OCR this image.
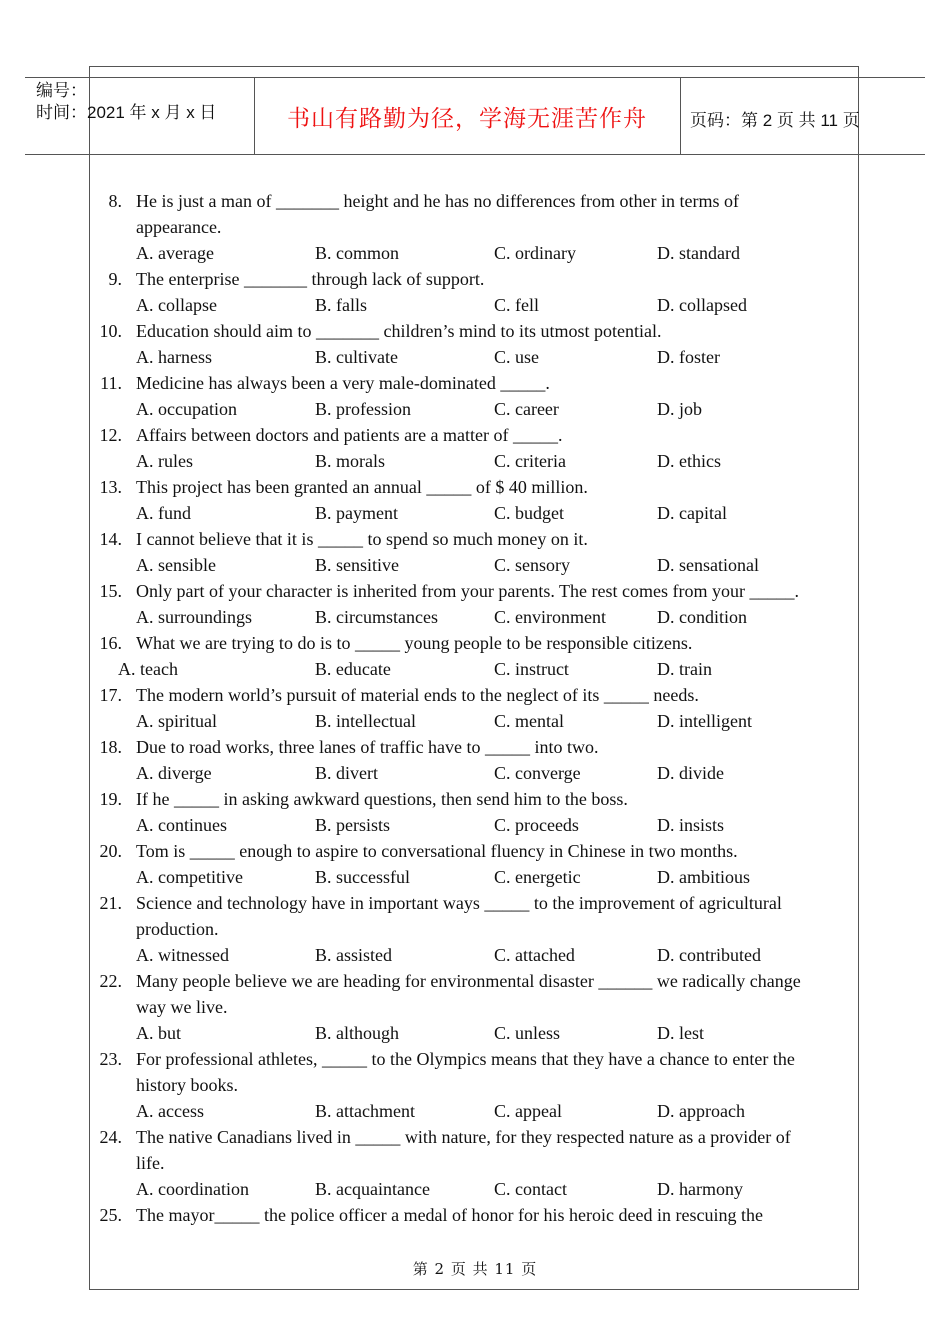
编号：
时间：2021 年 x 月 x 日	书山有路勤为径，学海无涯苦作舟	页码：第 2 页 共 11 页
8. He is just a man of _______ height and he has no differences from other in terms of
appearance.
A. average	B. common	C. ordinary	D. standard
9. The enterprise _______ through lack of support.
A. collapse	B. falls	C. fell	D. collapsed
10. Education should aim to _______ children’s mind to its utmost potential.
A. harness	B. cultivate	C. use	D. foster
11. Medicine has always been a very male-dominated _____.
A. occupation	B. profession	C. career	D. job
12. Affairs between doctors and patients are a matter of _____.
A. rules	B. morals	C. criteria	D. ethics
13. This project has been granted an annual _____ of $ 40 million.
A. fund	B. payment	C. budget	D. capital
14. I cannot believe that it is _____ to spend so much money on it.
A. sensible	B. sensitive	C. sensory	D. sensational
15. Only part of your character is inherited from your parents. The rest comes from your _____.
A. surroundings	B. circumstances	C. environment	D. condition
16. What we are trying to do is to _____ young people to be responsible citizens.
A. teach	B. educate	C. instruct	D. train
17. The modern world’s pursuit of material ends to the neglect of its _____ needs.
A. spiritual	B. intellectual	C. mental	D. intelligent
18. Due to road works, three lanes of traffic have to _____ into two.
A. diverge	B. divert	C. converge	D. divide
19. If he _____ in asking awkward questions, then send him to the boss.
A. continues	B. persists	C. proceeds	D. insists
20. Tom is _____ enough to aspire to conversational fluency in Chinese in two months.
A. competitive	B. successful	C. energetic	D. ambitious
21. Science and technology have in important ways _____ to the improvement of agricultural
production.
A. witnessed	B. assisted	C. attached	D. contributed
22. Many people believe we are heading for environmental disaster ______ we radically change
way we live.
A. but	B. although	C. unless	D. lest
23. For professional athletes, _____ to the Olympics means that they have a chance to enter the
history books.
A. access	B. attachment	C. appeal	D. approach
24. The native Canadians lived in _____ with nature, for they respected nature as a provider of
life.
A. coordination	B. acquaintance	C. contact	D. harmony
25. The mayor_____ the police officer a medal of honor for his heroic deed in rescuing the
第 2 页 共 11 页
